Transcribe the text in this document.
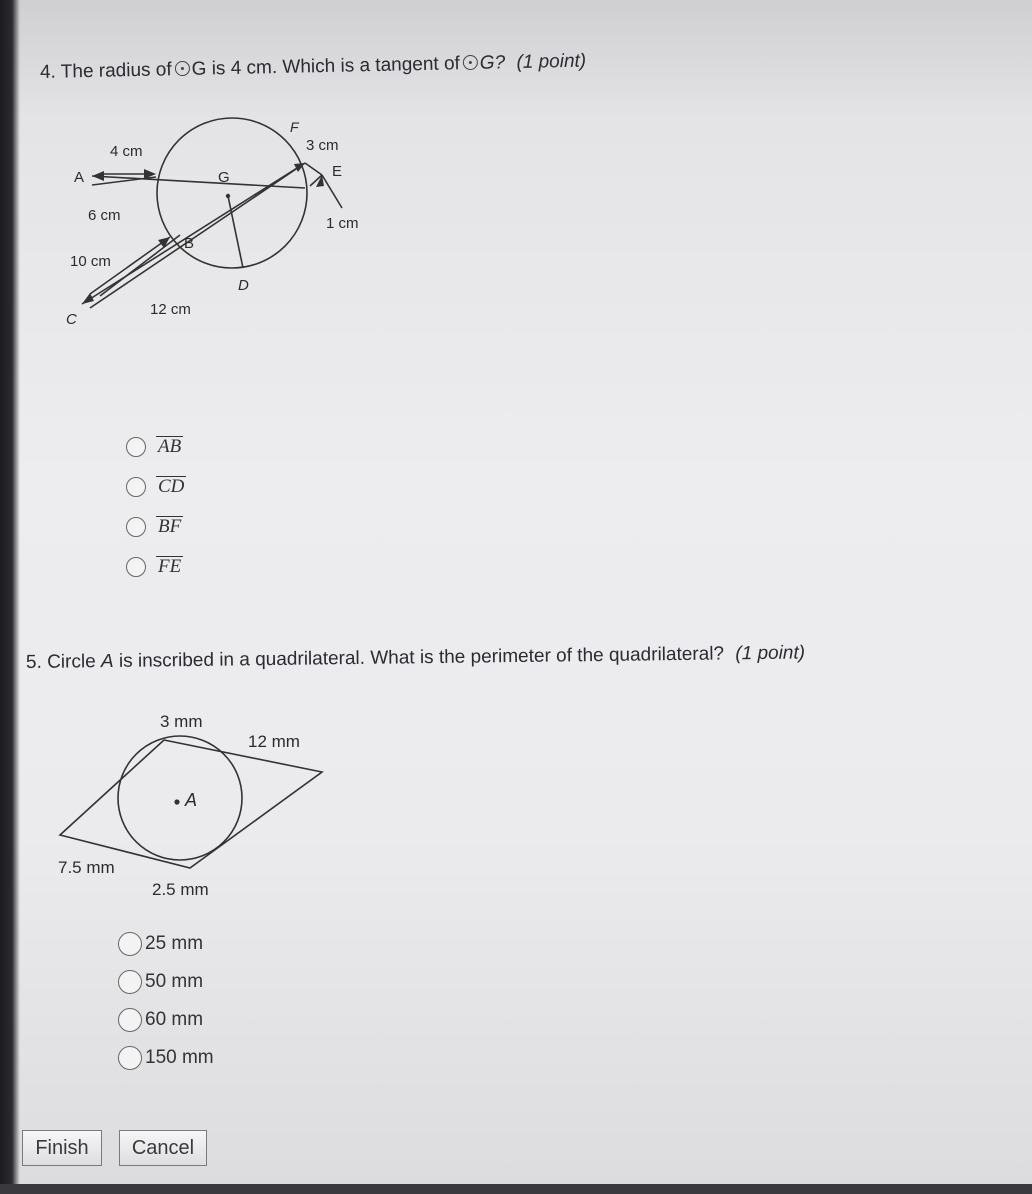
4. The radius of G is 4 cm. Which is a tangent of G? (1 point)
F
3 cm
4 cm
E
A	G
6 cm	1 cm
B
10 cm
D
C
12 cm
AB
CD
BF
FE
5. Circle A is inscribed in a quadrilateral. What is the perimeter of the quadrilateral? (1 point)
3 mm
12 mm
A
7.5 mm
2.5 mm
25 mm
50 mm
60 mm
150 mm
Finish	Cancel
